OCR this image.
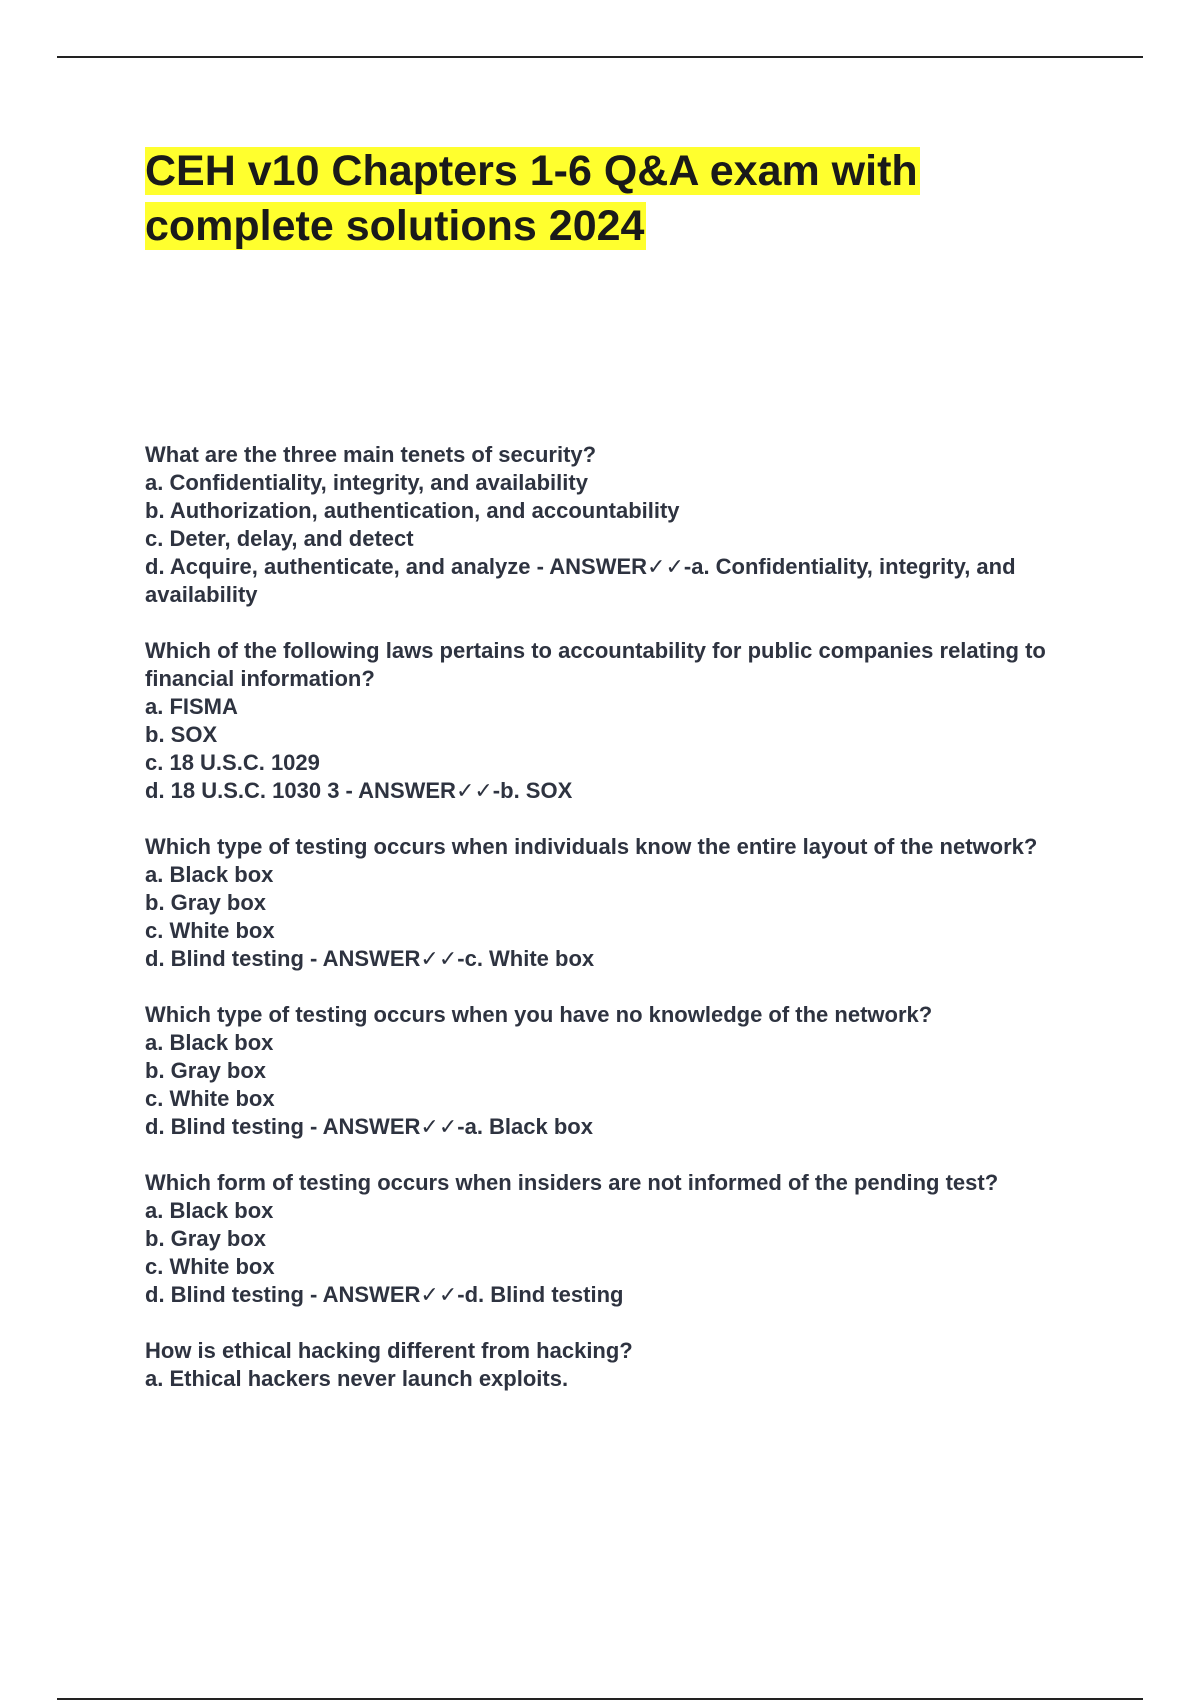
CEH v10 Chapters 1-6 Q&A exam with
complete solutions 2024

What are the three main tenets of security?

a. Confidentiality, integrity, and availability

b. Authorization, authentication, and accountability

c. Deter, delay, and detect

d. Acquire, authenticate, and analyze - ANSWER✓✓-a. Confidentiality, integrity, and availability

Which of the following laws pertains to accountability for public companies relating to financial information?

a. FISMA

b. SOX

c. 18 U.S.C. 1029

d. 18 U.S.C. 1030 3 - ANSWER✓✓-b. SOX

Which type of testing occurs when individuals know the entire layout of the network?

a. Black box

b. Gray box

c. White box

d. Blind testing - ANSWER✓✓-c. White box

Which type of testing occurs when you have no knowledge of the network?

a. Black box

b. Gray box

c. White box

d. Blind testing - ANSWER✓✓-a. Black box

Which form of testing occurs when insiders are not informed of the pending test?

a. Black box

b. Gray box

c. White box

d. Blind testing - ANSWER✓✓-d. Blind testing

How is ethical hacking different from hacking?

a. Ethical hackers never launch exploits.
